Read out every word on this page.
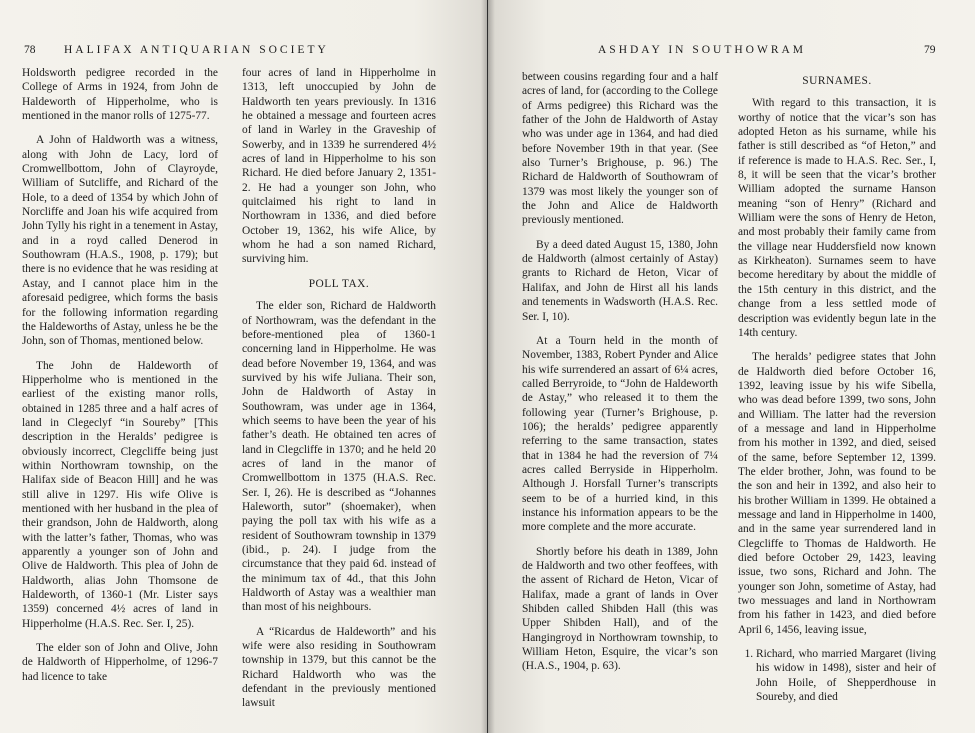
78 HALIFAX ANTIQUARIAN SOCIETY

Holdsworth pedigree recorded in the College of Arms in 1924, from John de Haldeworth of Hipperholme, who is mentioned in the manor rolls of 1275-77.

A John of Haldworth was a witness, along with John de Lacy, lord of Cromwellbottom, John of Clayroyde, William of Sutcliffe, and Richard of the Hole, to a deed of 1354 by which John of Norcliffe and Joan his wife acquired from John Tylly his right in a tenement in Astay, and in a royd called Denerod in Southowram (H.A.S., 1908, p. 179); but there is no evidence that he was residing at Astay, and I cannot place him in the aforesaid pedigree, which forms the basis for the following information regarding the Haldeworths of Astay, unless he be the John, son of Thomas, mentioned below.

The John de Haldeworth of Hipperholme who is mentioned in the earliest of the existing manor rolls, obtained in 1285 three and a half acres of land in Clegeclyf “in Soureby” [This description in the Heralds’ pedigree is obviously incorrect, Clegcliffe being just within Northowram township, on the Halifax side of Beacon Hill] and he was still alive in 1297. His wife Olive is mentioned with her husband in the plea of their grandson, John de Haldworth, along with the latter’s father, Thomas, who was apparently a younger son of John and Olive de Haldworth. This plea of John de Haldworth, alias John Thomsone de Haldeworth, of 1360-1 (Mr. Lister says 1359) concerned 4½ acres of land in Hipperholme (H.A.S. Rec. Ser. I, 25).

The elder son of John and Olive, John de Haldworth of Hipperholme, of 1296-7 had licence to take

four acres of land in Hipperholme in 1313, left unoccupied by John de Haldworth ten years previously. In 1316 he obtained a message and fourteen acres of land in Warley in the Graveship of Sowerby, and in 1339 he surrendered 4½ acres of land in Hipperholme to his son Richard. He died before January 2, 1351-2. He had a younger son John, who quitclaimed his right to land in Northowram in 1336, and died before October 19, 1362, his wife Alice, by whom he had a son named Richard, surviving him.

POLL TAX.

The elder son, Richard de Haldworth of Northowram, was the defendant in the before-mentioned plea of 1360-1 concerning land in Hipperholme. He was dead before November 19, 1364, and was survived by his wife Juliana. Their son, John de Haldworth of Astay in Southowram, was under age in 1364, which seems to have been the year of his father’s death. He obtained ten acres of land in Clegcliffe in 1370; and he held 20 acres of land in the manor of Cromwellbottom in 1375 (H.A.S. Rec. Ser. I, 26). He is described as “Johannes Haleworth, sutor” (shoemaker), when paying the poll tax with his wife as a resident of Southowram township in 1379 (ibid., p. 24). I judge from the circumstance that they paid 6d. instead of the minimum tax of 4d., that this John Haldworth of Astay was a wealthier man than most of his neighbours.

A “Ricardus de Haldeworth” and his wife were also residing in Southowram township in 1379, but this cannot be the Richard Haldworth who was the defendant in the previously mentioned lawsuit

ASHDAY IN SOUTHOWRAM	79

between cousins regarding four and a half acres of land, for (according to the College of Arms pedigree) this Richard was the father of the John de Haldworth of Astay who was under age in 1364, and had died before November 19th in that year. (See also Turner’s Brighouse, p. 96.) The Richard de Haldworth of Southowram of 1379 was most likely the younger son of the John and Alice de Haldworth previously mentioned.

By a deed dated August 15, 1380, John de Haldworth (almost certainly of Astay) grants to Richard de Heton, Vicar of Halifax, and John de Hirst all his lands and tenements in Wadsworth (H.A.S. Rec. Ser. I, 10).

At a Tourn held in the month of November, 1383, Robert Pynder and Alice his wife surrendered an assart of 6¼ acres, called Berryroide, to “John de Haldeworth de Astay,” who released it to them the following year (Turner’s Brighouse, p. 106); the heralds’ pedigree apparently referring to the same transaction, states that in 1384 he had the reversion of 7¼ acres called Berryside in Hipperholm. Although J. Horsfall Turner’s transcripts seem to be of a hurried kind, in this instance his information appears to be the more complete and the more accurate.

Shortly before his death in 1389, John de Haldworth and two other feoffees, with the assent of Richard de Heton, Vicar of Halifax, made a grant of lands in Over Shibden called Shibden Hall (this was Upper Shibden Hall), and of the Hangingroyd in Northowram township, to William Heton, Esquire, the vicar’s son (H.A.S., 1904, p. 63).

SURNAMES.

With regard to this transaction, it is worthy of notice that the vicar’s son has adopted Heton as his surname, while his father is still described as “of Heton,” and if reference is made to H.A.S. Rec. Ser., I, 8, it will be seen that the vicar’s brother William adopted the surname Hanson meaning “son of Henry” (Richard and William were the sons of Henry de Heton, and most probably their family came from the village near Huddersfield now known as Kirkheaton). Surnames seem to have become hereditary by about the middle of the 15th century in this district, and the change from a less settled mode of description was evidently begun late in the 14th century.

The heralds’ pedigree states that John de Haldworth died before October 16, 1392, leaving issue by his wife Sibella, who was dead before 1399, two sons, John and William. The latter had the reversion of a message and land in Hipperholme from his mother in 1392, and died, seised of the same, before September 12, 1399. The elder brother, John, was found to be the son and heir in 1392, and also heir to his brother William in 1399. He obtained a message and land in Hipperholme in 1400, and in the same year surrendered land in Clegcliffe to Thomas de Haldworth. He died before October 29, 1423, leaving issue, two sons, Richard and John. The younger son John, sometime of Astay, had two messuages and land in Northowram from his father in 1423, and died before April 6, 1456, leaving issue,

1. Richard, who married Margaret (living his widow in 1498), sister and heir of John Hoile, of Shepperdhouse in Soureby, and died
